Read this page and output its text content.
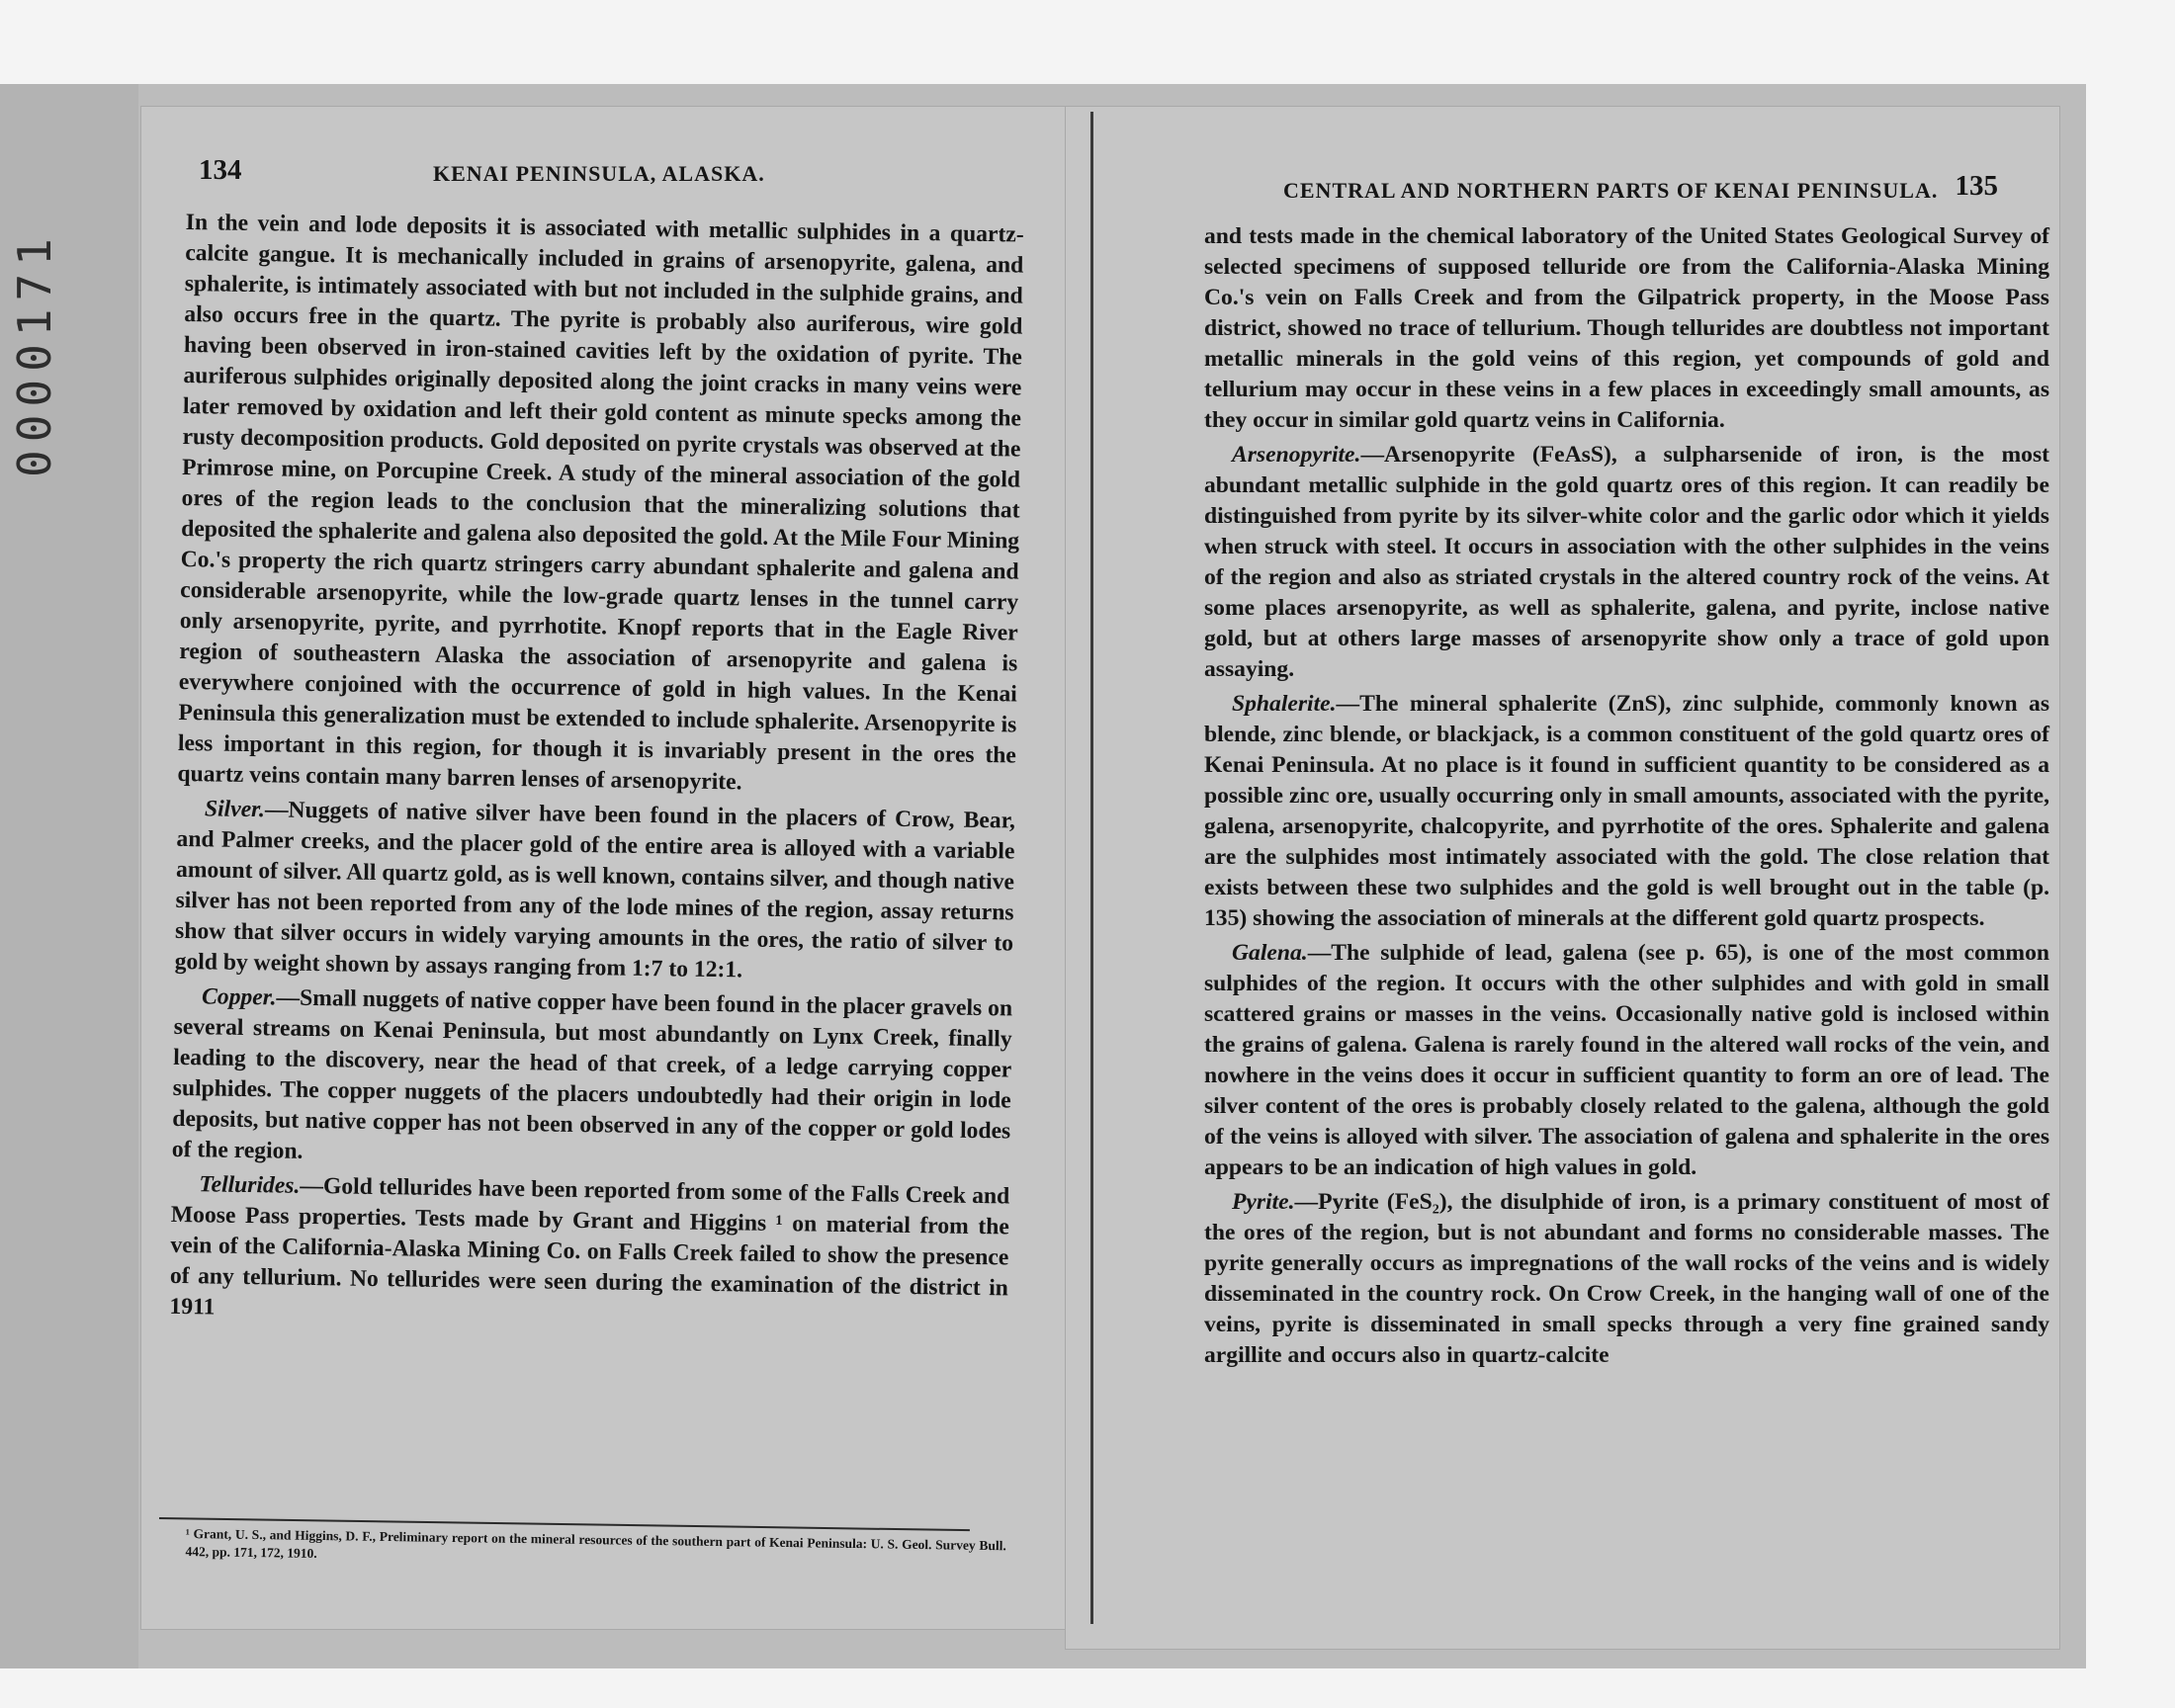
0000171
134	KENAI PENINSULA, ALASKA.

In the vein and lode deposits it is associated with metallic sulphides in a quartz-calcite gangue. It is mechanically included in grains of arsenopyrite, galena, and sphalerite, is intimately associated with but not included in the sulphide grains, and also occurs free in the quartz. The pyrite is probably also auriferous, wire gold having been observed in iron-stained cavities left by the oxidation of pyrite. The auriferous sulphides originally deposited along the joint cracks in many veins were later removed by oxidation and left their gold content as minute specks among the rusty decomposition products. Gold deposited on pyrite crystals was observed at the Primrose mine, on Porcupine Creek. A study of the mineral association of the gold ores of the region leads to the conclusion that the mineralizing solutions that deposited the sphalerite and galena also deposited the gold. At the Mile Four Mining Co.'s property the rich quartz stringers carry abundant sphalerite and galena and considerable arsenopyrite, while the low-grade quartz lenses in the tunnel carry only arsenopyrite, pyrite, and pyrrhotite. Knopf reports that in the Eagle River region of southeastern Alaska the association of arsenopyrite and galena is everywhere conjoined with the occurrence of gold in high values. In the Kenai Peninsula this generalization must be extended to include sphalerite. Arsenopyrite is less important in this region, for though it is invariably present in the ores the quartz veins contain many barren lenses of arsenopyrite.

Silver.—Nuggets of native silver have been found in the placers of Crow, Bear, and Palmer creeks, and the placer gold of the entire area is alloyed with a variable amount of silver. All quartz gold, as is well known, contains silver, and though native silver has not been reported from any of the lode mines of the region, assay returns show that silver occurs in widely varying amounts in the ores, the ratio of silver to gold by weight shown by assays ranging from 1:7 to 12:1.

Copper.—Small nuggets of native copper have been found in the placer gravels on several streams on Kenai Peninsula, but most abundantly on Lynx Creek, finally leading to the discovery, near the head of that creek, of a ledge carrying copper sulphides. The copper nuggets of the placers undoubtedly had their origin in lode deposits, but native copper has not been observed in any of the copper or gold lodes of the region.

Tellurides.—Gold tellurides have been reported from some of the Falls Creek and Moose Pass properties. Tests made by Grant and Higgins ¹ on material from the vein of the California-Alaska Mining Co. on Falls Creek failed to show the presence of any tellurium. No tellurides were seen during the examination of the district in 1911

¹ Grant, U. S., and Higgins, D. F., Preliminary report on the mineral resources of the southern part of Kenai Peninsula: U. S. Geol. Survey Bull. 442, pp. 171, 172, 1910.
CENTRAL AND NORTHERN PARTS OF KENAI PENINSULA. 135

and tests made in the chemical laboratory of the United States Geological Survey of selected specimens of supposed telluride ore from the California-Alaska Mining Co.'s vein on Falls Creek and from the Gilpatrick property, in the Moose Pass district, showed no trace of tellurium. Though tellurides are doubtless not important metallic minerals in the gold veins of this region, yet compounds of gold and tellurium may occur in these veins in a few places in exceedingly small amounts, as they occur in similar gold quartz veins in California.

Arsenopyrite.—Arsenopyrite (FeAsS), a sulpharsenide of iron, is the most abundant metallic sulphide in the gold quartz ores of this region. It can readily be distinguished from pyrite by its silver-white color and the garlic odor which it yields when struck with steel. It occurs in association with the other sulphides in the veins of the region and also as striated crystals in the altered country rock of the veins. At some places arsenopyrite, as well as sphalerite, galena, and pyrite, inclose native gold, but at others large masses of arsenopyrite show only a trace of gold upon assaying.

Sphalerite.—The mineral sphalerite (ZnS), zinc sulphide, commonly known as blende, zinc blende, or blackjack, is a common constituent of the gold quartz ores of Kenai Peninsula. At no place is it found in sufficient quantity to be considered as a possible zinc ore, usually occurring only in small amounts, associated with the pyrite, galena, arsenopyrite, chalcopyrite, and pyrrhotite of the ores. Sphalerite and galena are the sulphides most intimately associated with the gold. The close relation that exists between these two sulphides and the gold is well brought out in the table (p. 135) showing the association of minerals at the different gold quartz prospects.

Galena.—The sulphide of lead, galena (see p. 65), is one of the most common sulphides of the region. It occurs with the other sulphides and with gold in small scattered grains or masses in the veins. Occasionally native gold is inclosed within the grains of galena. Galena is rarely found in the altered wall rocks of the vein, and nowhere in the veins does it occur in sufficient quantity to form an ore of lead. The silver content of the ores is probably closely related to the galena, although the gold of the veins is alloyed with silver. The association of galena and sphalerite in the ores appears to be an indication of high values in gold.

Pyrite.—Pyrite (FeS₂), the disulphide of iron, is a primary constituent of most of the ores of the region, but is not abundant and forms no considerable masses. The pyrite generally occurs as impregnations of the wall rocks of the veins and is widely disseminated in the country rock. On Crow Creek, in the hanging wall of one of the veins, pyrite is disseminated in small specks through a very fine grained sandy argillite and occurs also in quartz-calcite
